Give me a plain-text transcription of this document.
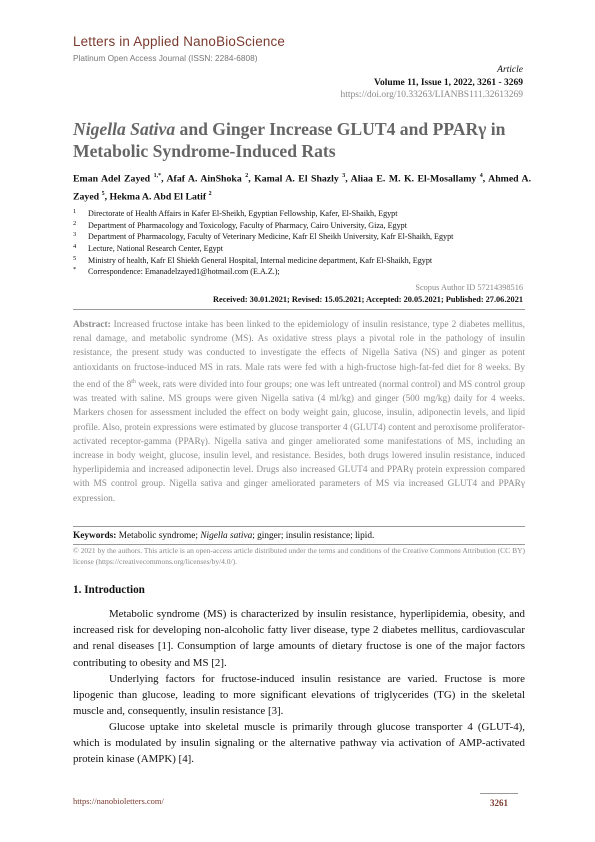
Letters in Applied NanoBioScience
Platinum Open Access Journal (ISSN: 2284-6808)
Article
Volume 11, Issue 1, 2022, 3261 - 3269
https://doi.org/10.33263/LIANBS111.32613269
Nigella Sativa and Ginger Increase GLUT4 and PPARγ in Metabolic Syndrome-Induced Rats
Eman Adel Zayed $^{1,*}$, Afaf A. AinShoka $^2$, Kamal A. El Shazly $^3$, Aliaa E. M. K. El-Mosallamy $^4$, Ahmed A. Zayed $^5$, Hekma A. Abd El Latif $^2$
1 Directorate of Health Affairs in Kafer El-Sheikh, Egyptian Fellowship, Kafer, El-Shaikh, Egypt
2 Department of Pharmacology and Toxicology, Faculty of Pharmacy, Cairo University, Giza, Egypt
3 Department of Pharmacology, Faculty of Veterinary Medicine, Kafr El Sheikh University, Kafr El-Shaikh, Egypt
4 Lecture, National Research Center, Egypt
5 Ministry of health, Kafr El Shiekh General Hospital, Internal medicine department, Kafr El-Shaikh, Egypt
* Correspondence: Emanadelzayed1@hotmail.com (E.A.Z.);
Scopus Author ID 57214398516
Received: 30.01.2021; Revised: 15.05.2021; Accepted: 20.05.2021; Published: 27.06.2021

Abstract: Increased fructose intake has been linked to the epidemiology of insulin resistance, type 2 diabetes mellitus, renal damage, and metabolic syndrome (MS). As oxidative stress plays a pivotal role in the pathology of insulin resistance, the present study was conducted to investigate the effects of Nigella Sativa (NS) and ginger as potent antioxidants on fructose-induced MS in rats. Male rats were fed with a high-fructose high-fat-fed diet for 8 weeks. By the end of the 8th week, rats were divided into four groups; one was left untreated (normal control) and MS control group was treated with saline. MS groups were given Nigella sativa (4 ml/kg) and ginger (500 mg/kg) daily for 4 weeks. Markers chosen for assessment included the effect on body weight gain, glucose, insulin, adiponectin levels, and lipid profile. Also, protein expressions were estimated by glucose transporter 4 (GLUT4) content and peroxisome proliferator-activated receptor-gamma (PPARγ). Nigella sativa and ginger ameliorated some manifestations of MS, including an increase in body weight, glucose, insulin level, and resistance. Besides, both drugs lowered insulin resistance, induced hyperlipidemia and increased adiponectin level. Drugs also increased GLUT4 and PPARγ protein expression compared with MS control group. Nigella sativa and ginger ameliorated parameters of MS via increased GLUT4 and PPARγ expression.

Keywords: Metabolic syndrome; Nigella sativa; ginger; insulin resistance; lipid.

© 2021 by the authors. This article is an open-access article distributed under the terms and conditions of the Creative Commons Attribution (CC BY) license (https://creativecommons.org/licenses/by/4.0/).

1. Introduction

Metabolic syndrome (MS) is characterized by insulin resistance, hyperlipidemia, obesity, and increased risk for developing non-alcoholic fatty liver disease, type 2 diabetes mellitus, cardiovascular and renal diseases [1]. Consumption of large amounts of dietary fructose is one of the major factors contributing to obesity and MS [2].

Underlying factors for fructose-induced insulin resistance are varied. Fructose is more lipogenic than glucose, leading to more significant elevations of triglycerides (TG) in the skeletal muscle and, consequently, insulin resistance [3].

Glucose uptake into skeletal muscle is primarily through glucose transporter 4 (GLUT-4), which is modulated by insulin signaling or the alternative pathway via activation of AMP-activated protein kinase (AMPK) [4].

https://nanobioletters.com/	3261
